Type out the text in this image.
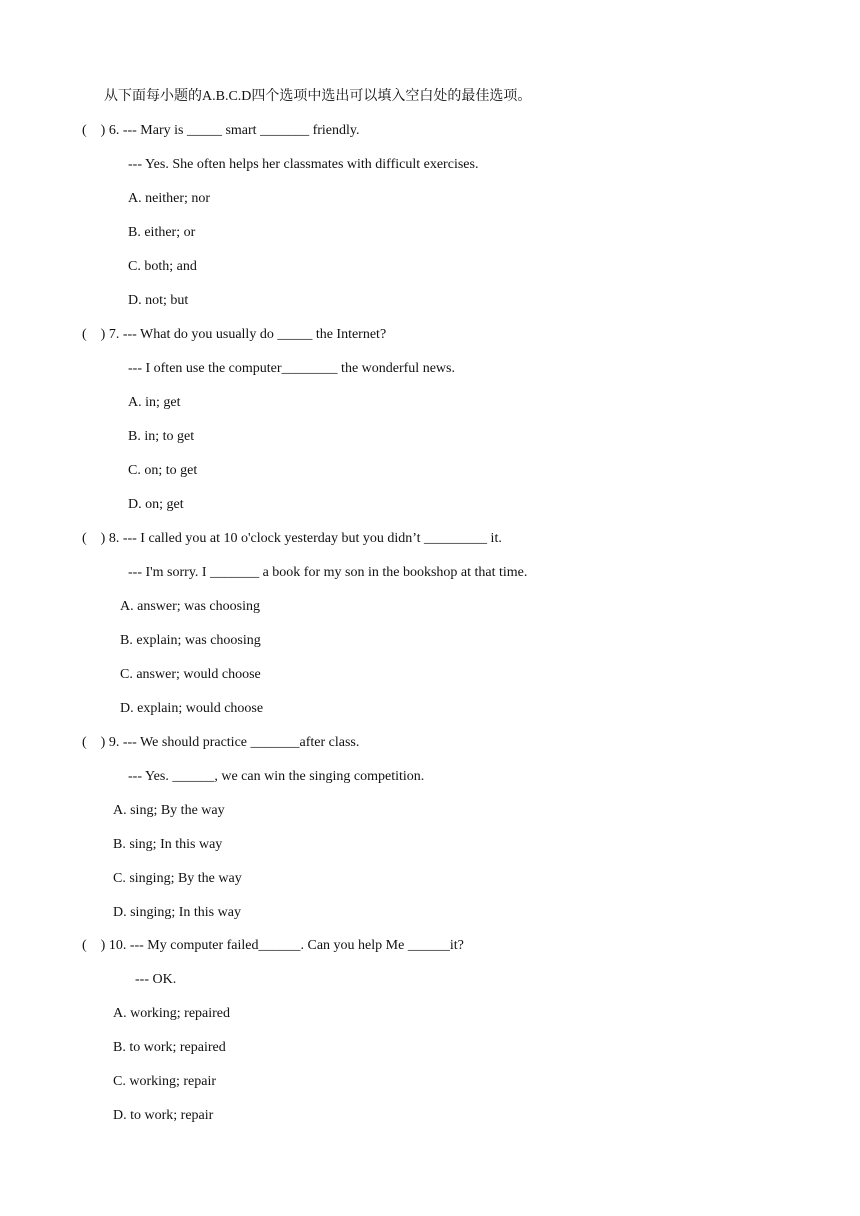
从下面每小题的A.B.C.D四个选项中选出可以填入空白处的最佳选项。
(    ) 6. --- Mary is _____ smart _______ friendly.
--- Yes. She often helps her classmates with difficult exercises.
A. neither; nor
B. either; or
C. both; and
D. not; but
(    ) 7. --- What do you usually do _____ the Internet?
--- I often use the computer________ the wonderful news.
A. in; get
B. in; to get
C. on; to get
D. on; get
(    ) 8. --- I called you at 10 o'clock yesterday but you didn’t _________ it.
--- I'm sorry. I _______ a book for my son in the bookshop at that time.
A. answer; was choosing
B. explain; was choosing
C. answer; would choose
D. explain; would choose
(    ) 9. --- We should practice _______after class.
--- Yes. ______, we can win the singing competition.
A. sing; By the way
B. sing; In this way
C. singing; By the way
D. singing; In this way
(    ) 10. --- My computer failed______. Can you help Me ______it?
--- OK.
A. working; repaired
B. to work; repaired
C. working; repair
D. to work; repair
